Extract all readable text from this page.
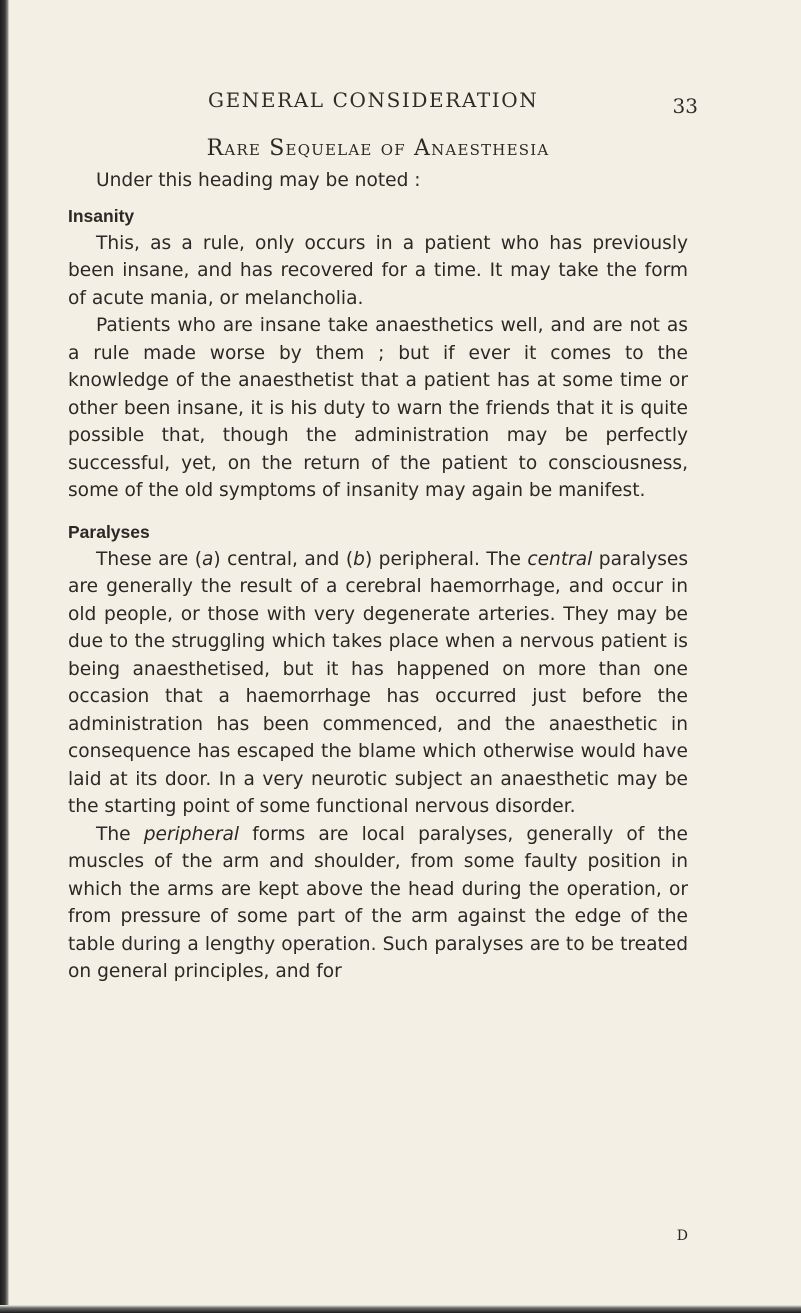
GENERAL CONSIDERATION	33
Rare Sequelae of Anaesthesia

Under this heading may be noted :

Insanity

This, as a rule, only occurs in a patient who has previously been insane, and has recovered for a time. It may take the form of acute mania, or melancholia.

Patients who are insane take anaesthetics well, and are not as a rule made worse by them ; but if ever it comes to the knowledge of the anaesthetist that a patient has at some time or other been insane, it is his duty to warn the friends that it is quite possible that, though the administration may be perfectly successful, yet, on the return of the patient to consciousness, some of the old symptoms of insanity may again be manifest.

Paralyses

These are (a) central, and (b) peripheral. The central paralyses are generally the result of a cerebral haemorrhage, and occur in old people, or those with very degenerate arteries. They may be due to the struggling which takes place when a nervous patient is being anaesthetised, but it has happened on more than one occasion that a haemorrhage has occurred just before the administration has been commenced, and the anaesthetic in consequence has escaped the blame which otherwise would have laid at its door. In a very neurotic subject an anaesthetic may be the starting point of some functional nervous disorder.

The peripheral forms are local paralyses, generally of the muscles of the arm and shoulder, from some faulty position in which the arms are kept above the head during the operation, or from pressure of some part of the arm against the edge of the table during a lengthy operation. Such paralyses are to be treated on general principles, and for

D
